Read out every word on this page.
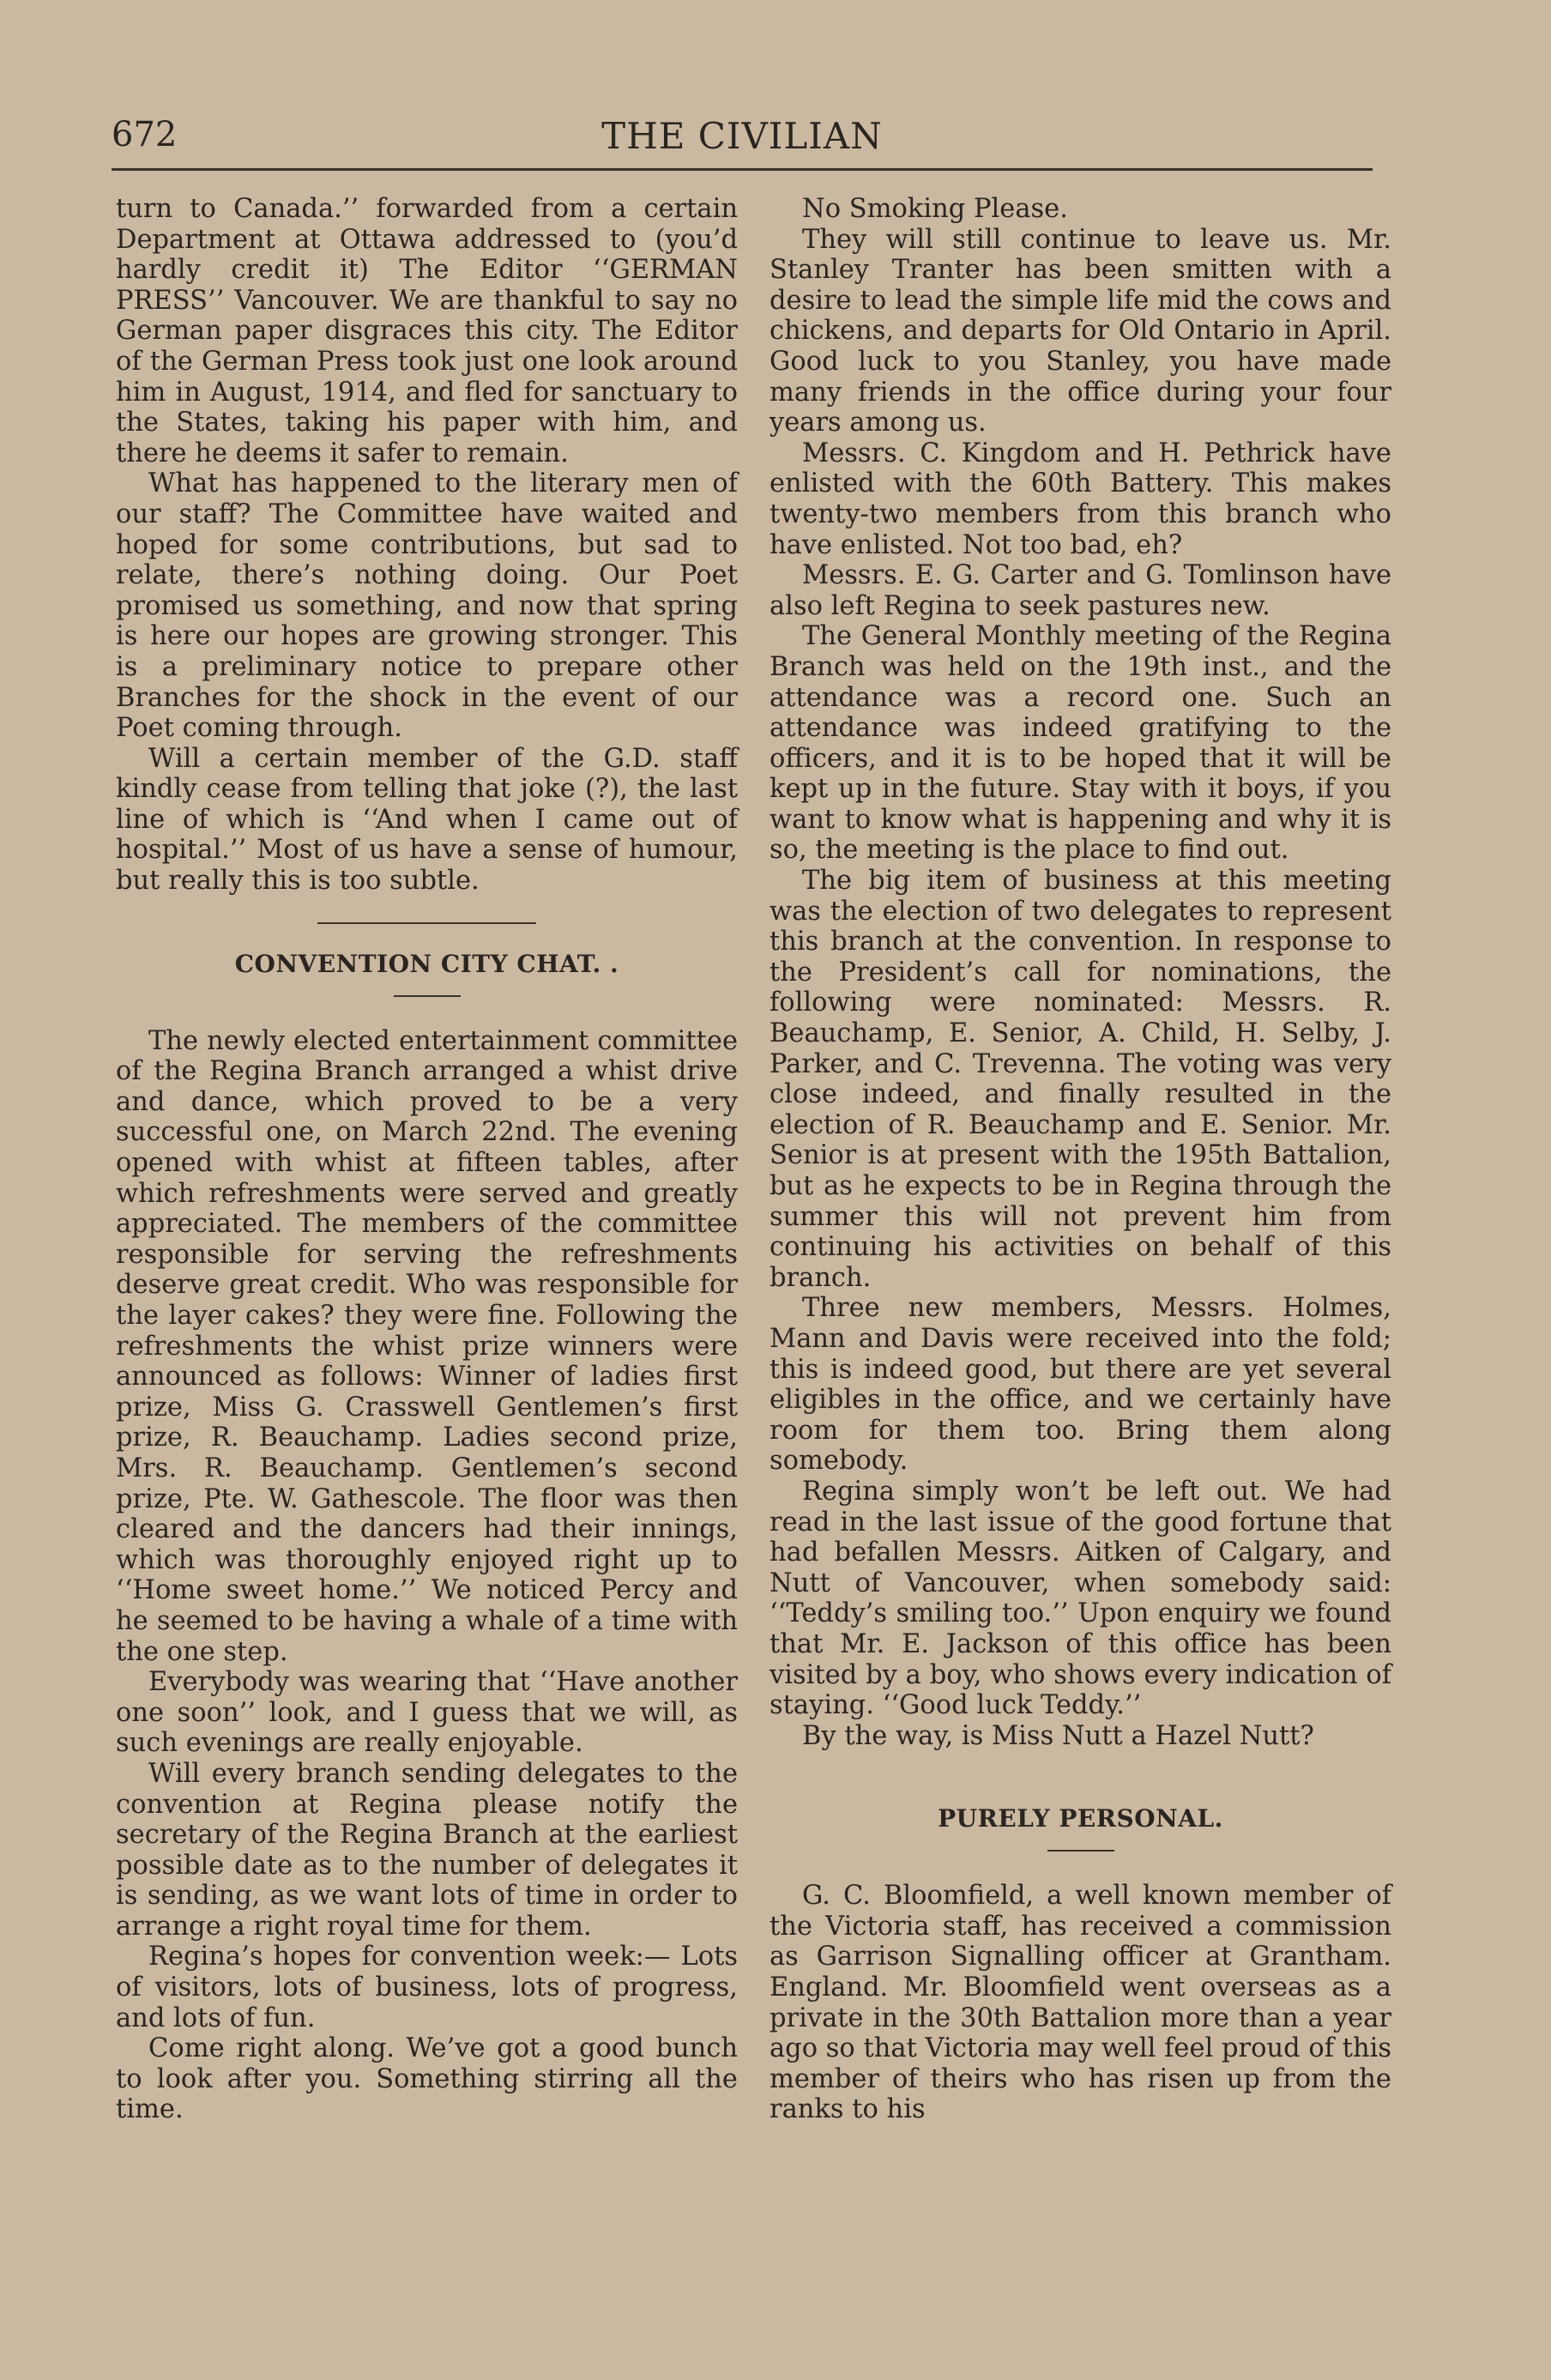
672	THE CIVILIAN

turn to Canada.’’ forwarded from a certain Department at Ottawa addressed to (you’d hardly credit it) The Editor ‘‘GERMAN PRESS’’ Vancouver. We are thankful to say no German paper disgraces this city. The Editor of the German Press took just one look around him in August, 1914, and fled for sanctuary to the States, taking his paper with him, and there he deems it safer to remain.

What has happened to the literary men of our staff? The Committee have waited and hoped for some contributions, but sad to relate, there’s nothing doing. Our Poet promised us something, and now that spring is here our hopes are growing stronger. This is a preliminary notice to prepare other Branches for the shock in the event of our Poet coming through.

Will a certain member of the G.D. staff kindly cease from telling that joke (?), the last line of which is ‘‘And when I came out of hospital.’’ Most of us have a sense of humour, but really this is too subtle.

CONVENTION CITY CHAT. .

The newly elected entertainment committee of the Regina Branch arranged a whist drive and dance, which proved to be a very successful one, on March 22nd. The evening opened with whist at fifteen tables, after which refreshments were served and greatly appreciated. The members of the committee responsible for serving the refreshments deserve great credit. Who was responsible for the layer cakes? they were fine. Following the refreshments the whist prize winners were announced as follows: Winner of ladies first prize, Miss G. Crasswell Gentlemen’s first prize, R. Beauchamp. Ladies second prize, Mrs. R. Beauchamp. Gentlemen’s second prize, Pte. W. Gathescole. The floor was then cleared and the dancers had their innings, which was thoroughly enjoyed right up to ‘‘Home sweet home.’’ We noticed Percy and he seemed to be having a whale of a time with the one step.

Everybody was wearing that ‘‘Have another one soon’’ look, and I guess that we will, as such evenings are really enjoyable.

Will every branch sending delegates to the convention at Regina please notify the secretary of the Regina Branch at the earliest possible date as to the number of delegates it is sending, as we want lots of time in order to arrange a right royal time for them.

Regina’s hopes for convention week:— Lots of visitors, lots of business, lots of progress, and lots of fun.

Come right along. We’ve got a good bunch to look after you. Something stirring all the time.

No Smoking Please.

They will still continue to leave us. Mr. Stanley Tranter has been smitten with a desire to lead the simple life mid the cows and chickens, and departs for Old Ontario in April. Good luck to you Stanley, you have made many friends in the office during your four years among us.

Messrs. C. Kingdom and H. Pethrick have enlisted with the 60th Battery. This makes twenty-two members from this branch who have enlisted. Not too bad, eh?

Messrs. E. G. Carter and G. Tomlinson have also left Regina to seek pastures new.

The General Monthly meeting of the Regina Branch was held on the 19th inst., and the attendance was a record one. Such an attendance was indeed gratifying to the officers, and it is to be hoped that it will be kept up in the future. Stay with it boys, if you want to know what is happening and why it is so, the meeting is the place to find out.

The big item of business at this meeting was the election of two delegates to represent this branch at the convention. In response to the President’s call for nominations, the following were nominated: Messrs. R. Beauchamp, E. Senior, A. Child, H. Selby, J. Parker, and C. Trevenna. The voting was very close indeed, and finally resulted in the election of R. Beauchamp and E. Senior. Mr. Senior is at present with the 195th Battalion, but as he expects to be in Regina through the summer this will not prevent him from continuing his activities on behalf of this branch.

Three new members, Messrs. Holmes, Mann and Davis were received into the fold; this is indeed good, but there are yet several eligibles in the office, and we certainly have room for them too. Bring them along somebody.

Regina simply won’t be left out. We had read in the last issue of the good fortune that had befallen Messrs. Aitken of Calgary, and Nutt of Vancouver, when somebody said: ‘‘Teddy’s smiling too.’’ Upon enquiry we found that Mr. E. Jackson of this office has been visited by a boy, who shows every indication of staying. ‘‘Good luck Teddy.’’

By the way, is Miss Nutt a Hazel Nutt?

PURELY PERSONAL.

G. C. Bloomfield, a well known member of the Victoria staff, has received a commission as Garrison Signalling officer at Grantham. England. Mr. Bloomfield went overseas as a private in the 30th Battalion more than a year ago so that Victoria may well feel proud of this member of theirs who has risen up from the ranks to his
